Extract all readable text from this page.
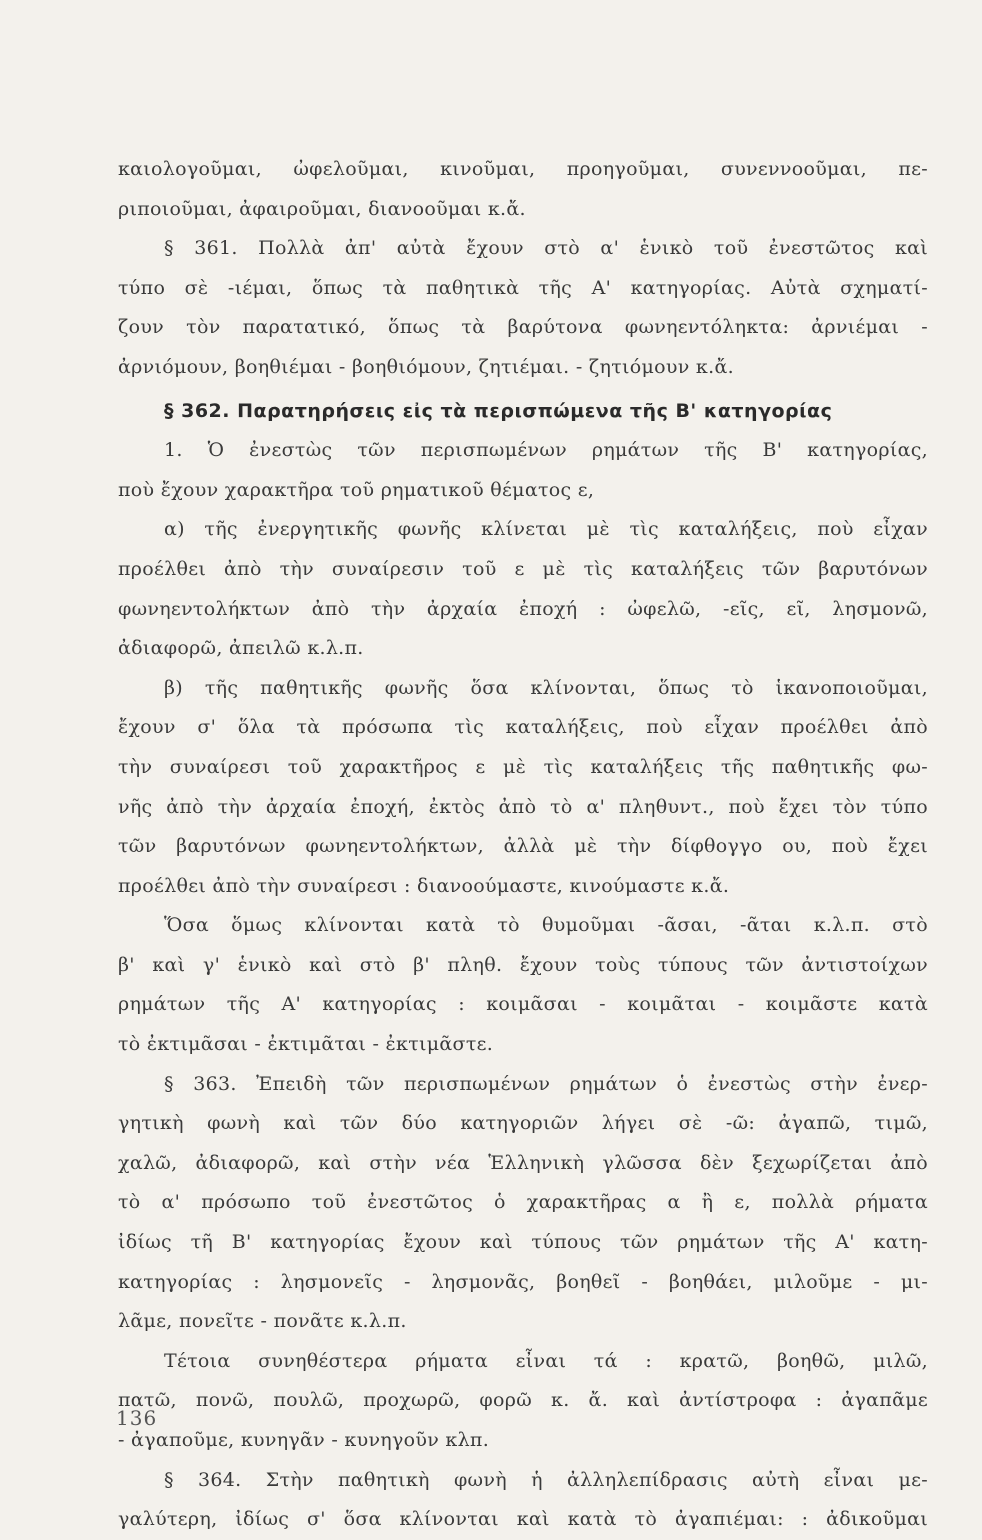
καιολογοῦμαι, ὠφελοῦμαι, κινοῦμαι, προηγοῦμαι, συνεννοοῦμαι, πε-
ριποιοῦμαι, ἀφαιροῦμαι, διανοοῦμαι κ.ἄ.
§ 361. Πολλὰ ἀπ' αὐτὰ ἔχουν στὸ α' ἑνικὸ τοῦ ἐνεστῶτος καὶ
τύπο σὲ -ιέμαι, ὅπως τὰ παθητικὰ τῆς Α' κατηγορίας. Αὐτὰ σχηματί-
ζουν τὸν παρατατικό, ὅπως τὰ βαρύτονα φωνηεντόληκτα: ἀρνιέμαι -
ἀρνιόμουν, βοηθιέμαι - βοηθιόμουν, ζητιέμαι. - ζητιόμουν κ.ἄ.
§ 362. Παρατηρήσεις εἰς τὰ περισπώμενα τῆς Β' κατηγορίας
1. Ὁ ἐνεστὼς τῶν περισπωμένων ρημάτων τῆς Β' κατηγορίας,
ποὺ ἔχουν χαρακτῆρα τοῦ ρηματικοῦ θέματος ε,
α) τῆς ἐνεργητικῆς φωνῆς κλίνεται μὲ τὶς καταλήξεις, ποὺ εἶχαν
προέλθει ἀπὸ τὴν συναίρεσιν τοῦ ε μὲ τὶς καταλήξεις τῶν βαρυτόνων
φωνηεντολήκτων ἀπὸ τὴν ἀρχαία ἐποχή : ὠφελῶ, -εῖς, εῖ, λησμονῶ,
ἀδιαφορῶ, ἀπειλῶ κ.λ.π.
β) τῆς παθητικῆς φωνῆς ὅσα κλίνονται, ὅπως τὸ ἱκανοποιοῦμαι,
ἔχουν σ' ὅλα τὰ πρόσωπα τὶς καταλήξεις, ποὺ εἶχαν προέλθει ἀπὸ
τὴν συναίρεσι τοῦ χαρακτῆρος ε μὲ τὶς καταλήξεις τῆς παθητικῆς φω-
νῆς ἀπὸ τὴν ἀρχαία ἐποχή, ἐκτὸς ἀπὸ τὸ α' πληθυντ., ποὺ ἔχει τὸν τύπο
τῶν βαρυτόνων φωνηεντολήκτων, ἀλλὰ μὲ τὴν δίφθογγο ου, ποὺ ἔχει
προέλθει ἀπὸ τὴν συναίρεσι : διανοούμαστε, κινούμαστε κ.ἄ.
Ὅσα ὅμως κλίνονται κατὰ τὸ θυμοῦμαι -ᾶσαι, -ᾶται κ.λ.π. στὸ
β' καὶ γ' ἑνικὸ καὶ στὸ β' πληθ. ἔχουν τοὺς τύπους τῶν ἀντιστοίχων
ρημάτων τῆς Α' κατηγορίας : κοιμᾶσαι - κοιμᾶται - κοιμᾶστε κατὰ
τὸ ἐκτιμᾶσαι - ἐκτιμᾶται - ἐκτιμᾶστε.
§ 363. Ἐπειδὴ τῶν περισπωμένων ρημάτων ὁ ἐνεστὼς στὴν ἐνερ-
γητικὴ φωνὴ καὶ τῶν δύο κατηγοριῶν λήγει σὲ -ῶ: ἀγαπῶ, τιμῶ,
χαλῶ, ἀδιαφορῶ, καὶ στὴν νέα Ἑλληνικὴ γλῶσσα δὲν ξεχωρίζεται ἀπὸ
τὸ α' πρόσωπο τοῦ ἐνεστῶτος ὁ χαρακτῆρας α ἢ ε, πολλὰ ρήματα
ἰδίως τῆ Β' κατηγορίας ἔχουν καὶ τύπους τῶν ρημάτων τῆς Α' κατη-
κατηγορίας : λησμονεῖς - λησμονᾶς, βοηθεῖ - βοηθάει, μιλοῦμε - μι-
λᾶμε, πονεῖτε - πονᾶτε κ.λ.π.
Τέτοια συνηθέστερα ρήματα εἶναι τά : κρατῶ, βοηθῶ, μιλῶ,
πατῶ, πονῶ, πουλῶ, προχωρῶ, φορῶ κ. ἄ. καὶ ἀντίστροφα : ἀγαπᾶμε
- ἀγαποῦμε, κυνηγᾶν - κυνηγοῦν κλπ.
§ 364. Στὴν παθητικὴ φωνὴ ἡ ἀλληλεπίδρασις αὐτὴ εἶναι με-
γαλύτερη, ἰδίως σ' ὅσα κλίνονται καὶ κατὰ τὸ ἀγαπιέμαι: : ἀδικοῦμαι
136
